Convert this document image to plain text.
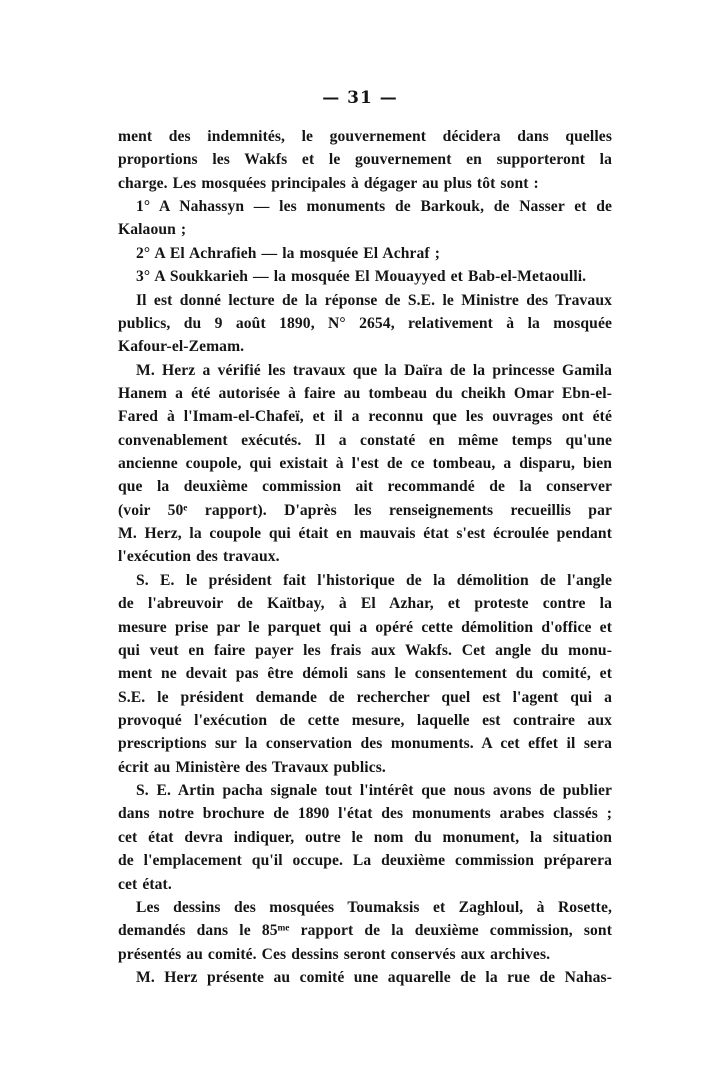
— 31 —
ment des indemnités, le gouvernement décidera dans quelles
proportions les Wakfs et le gouvernement en supporteront la
charge. Les mosquées principales à dégager au plus tôt sont :
1° A Nahassyn — les monuments de Barkouk, de Nasser et de
Kalaoun ;
2° A El Achrafieh — la mosquée El Achraf ;
3° A Soukkarieh — la mosquée El Mouayyed et Bab-el-Metaoulli.
Il est donné lecture de la réponse de S.E. le Ministre des Travaux
publics, du 9 août 1890, N° 2654, relativement à la mosquée
Kafour-el-Zemam.
M. Herz a vérifié les travaux que la Daïra de la princesse Gamila
Hanem a été autorisée à faire au tombeau du cheikh Omar Ebn-el-
Fared à l'Imam-el-Chafeï, et il a reconnu que les ouvrages ont été
convenablement exécutés. Il a constaté en même temps qu'une
ancienne coupole, qui existait à l'est de ce tombeau, a disparu, bien
que la deuxième commission ait recommandé de la conserver
(voir 50ᵉ rapport). D'après les renseignements recueillis par
M. Herz, la coupole qui était en mauvais état s'est écroulée pendant
l'exécution des travaux.
S. E. le président fait l'historique de la démolition de l'angle
de l'abreuvoir de Kaïtbay, à El Azhar, et proteste contre la
mesure prise par le parquet qui a opéré cette démolition d'office et
qui veut en faire payer les frais aux Wakfs. Cet angle du monu-
ment ne devait pas être démoli sans le consentement du comité, et
S.E. le président demande de rechercher quel est l'agent qui a
provoqué l'exécution de cette mesure, laquelle est contraire aux
prescriptions sur la conservation des monuments. A cet effet il sera
écrit au Ministère des Travaux publics.
S. E. Artin pacha signale tout l'intérêt que nous avons de publier
dans notre brochure de 1890 l'état des monuments arabes classés ;
cet état devra indiquer, outre le nom du monument, la situation
de l'emplacement qu'il occupe. La deuxième commission préparera
cet état.
Les dessins des mosquées Toumaksis et Zaghloul, à Rosette,
demandés dans le 85ᵐᵉ rapport de la deuxième commission, sont
présentés au comité. Ces dessins seront conservés aux archives.
M. Herz présente au comité une aquarelle de la rue de Nahas-
